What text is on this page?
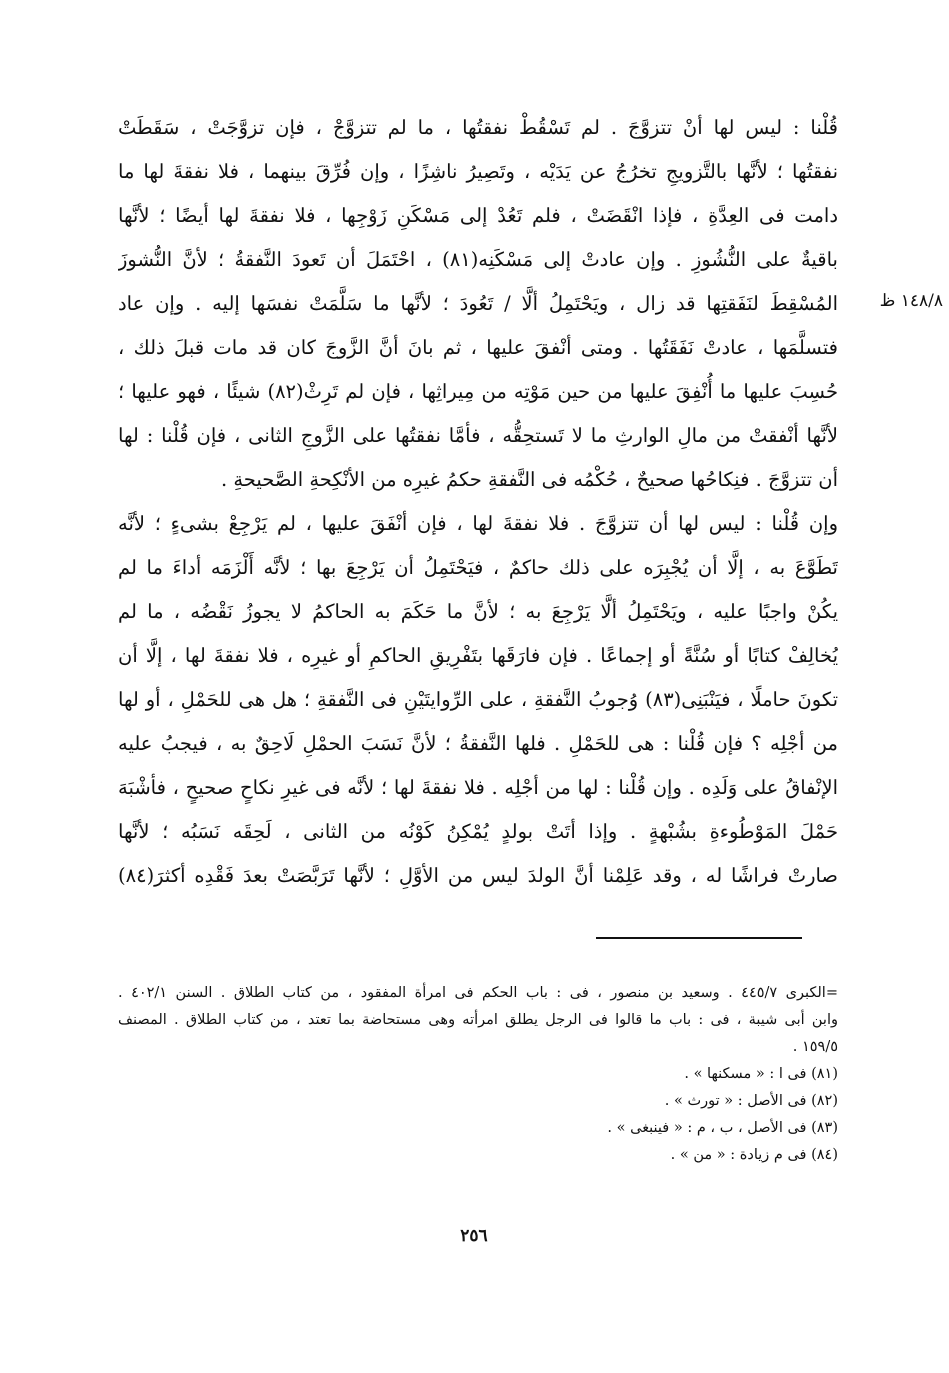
١٤٨/٨ ظ
قُلْنا : ليس لها أنْ تتزوَّجَ . لم تَسْقُطْ نفقتُها ، ما لم تتزوَّجْ ، فإن تزوَّجَتْ ، سَقَطَتْ
نفقتُها ؛ لأنَّها بالتَّزويجِ تخرُجُ عن يَدَيْه ، وتَصِيرُ ناشِزًا ، وإن فُرِّقَ بينهما ، فلا نفقةَ لها ما
دامت فى العِدَّةِ ، فإذا انْقَضَتْ ، فلم تَعُدْ إلى مَسْكَنِ زَوْجِها ، فلا نفقةَ لها أيضًا ؛ لأنَّها
باقيةٌ على النُّشُوزِ . وإن عادتْ إلى مَسْكَنِه(٨١) ، احْتَمَلَ أن تَعودَ النَّفقةُ ؛ لأنَّ النُّشوزَ
المُسْقِطَ لنَفَقتِها قد زال ، ويَحْتَمِلُ ألَّا / تَعُودَ ؛ لأنَّها ما سَلَّمَتْ نفسَها إليه . وإن عاد
فتسلَّمَها ، عادتْ نَفَقَتُها . ومتى أنْفقَ عليها ، ثم بانَ أنَّ الزَّوجَ كان قد مات قبلَ ذلك ،
حُسِبَ عليها ما أُنْفِقَ عليها من حين مَوْتِه من مِيراثِها ، فإن لم تَرِثْ(٨٢) شيئًا ، فهو عليها ؛
لأنَّها أنْفقتْ من مالِ الوارثِ ما لا تَستحِقُّه ، فأمَّا نفقتُها على الزَّوجِ الثانى ، فإن قُلْنا : لها
أن تتزوَّجَ . فنِكاحُها صحيحٌ ، حُكْمُه فى النَّفقةِ حكمُ غيرِه من الأنْكِحةِ الصَّحيحةِ .
وإن قُلْنا : ليس لها أن تتزوَّجَ . فلا نفقةَ لها ، فإن أنْفَقَ عليها ، لم يَرْجِعْ بشىءٍ ؛ لأنَّه
تَطَوَّعَ به ، إلَّا أن يُجْبِرَه على ذلك حاكمٌ ، فيَحْتَمِلُ أن يَرْجِعَ بها ؛ لأنَّه أَلْزَمَه أداءَ ما لم
يكُنْ واجبًا عليه ، ويَحْتَمِلُ ألَّا يَرْجِعَ به ؛ لأنَّ ما حَكَمَ به الحاكمُ لا يجوزُ نَقْضُه ، ما لم
يُخالِفْ كتابًا أو سُنَّةً أو إجماعًا . فإن فارَقَها بتَفْرِيقِ الحاكمِ أو غيرِه ، فلا نفقةَ لها ، إلَّا أن
تكونَ حاملًا ، فيَنْبَنِى(٨٣) وُجوبُ النَّفقةِ ، على الرِّوايتَيْنِ فى النَّفقةِ ؛ هل هى للحَمْلِ ، أو لها
من أجْلِه ؟ فإن قُلْنا : هى للحَمْلِ . فلها النَّفقةُ ؛ لأنَّ نَسَبَ الحمْلِ لَاحِقٌ به ، فيجبُ عليه
الإنْفاقُ على وَلَدِه . وإن قُلْنا : لها من أجْلِه . فلا نفقةَ لها ؛ لأنَّه فى غيرِ نكاحٍ صحيحٍ ، فأشْبَهَ
حَمْلَ المَوْطُوءةِ بشُبْهةٍ . وإذا أتَتْ بولدٍ يُمْكِنُ كَوْنُه من الثانى ، لَحِقَه نَسَبُه ؛ لأنَّها
صارتْ فراشًا له ، وقد عَلِمْنا أنَّ الولدَ ليس من الأوَّلِ ؛ لأنَّها تَرَبَّصَتْ بعدَ فَقْدِه أكثرَ(٨٤)
=الكبرى ٤٤٥/٧ . وسعيد بن منصور ، فى : باب الحكم فى امرأة المفقود ، من كتاب الطلاق . السنن ٤٠٢/١ .
وابن أبى شيبة ، فى : باب ما قالوا فى الرجل يطلق امرأته وهى مستحاضة بما تعتد ، من كتاب الطلاق . المصنف
١٥٩/٥ .
(٨١) فى ا : « مسكنها » .
(٨٢) فى الأصل : « تورث » .
(٨٣) فى الأصل ، ب ، م : « فينبغى » .
(٨٤) فى م زيادة : « من » .
٢٥٦
